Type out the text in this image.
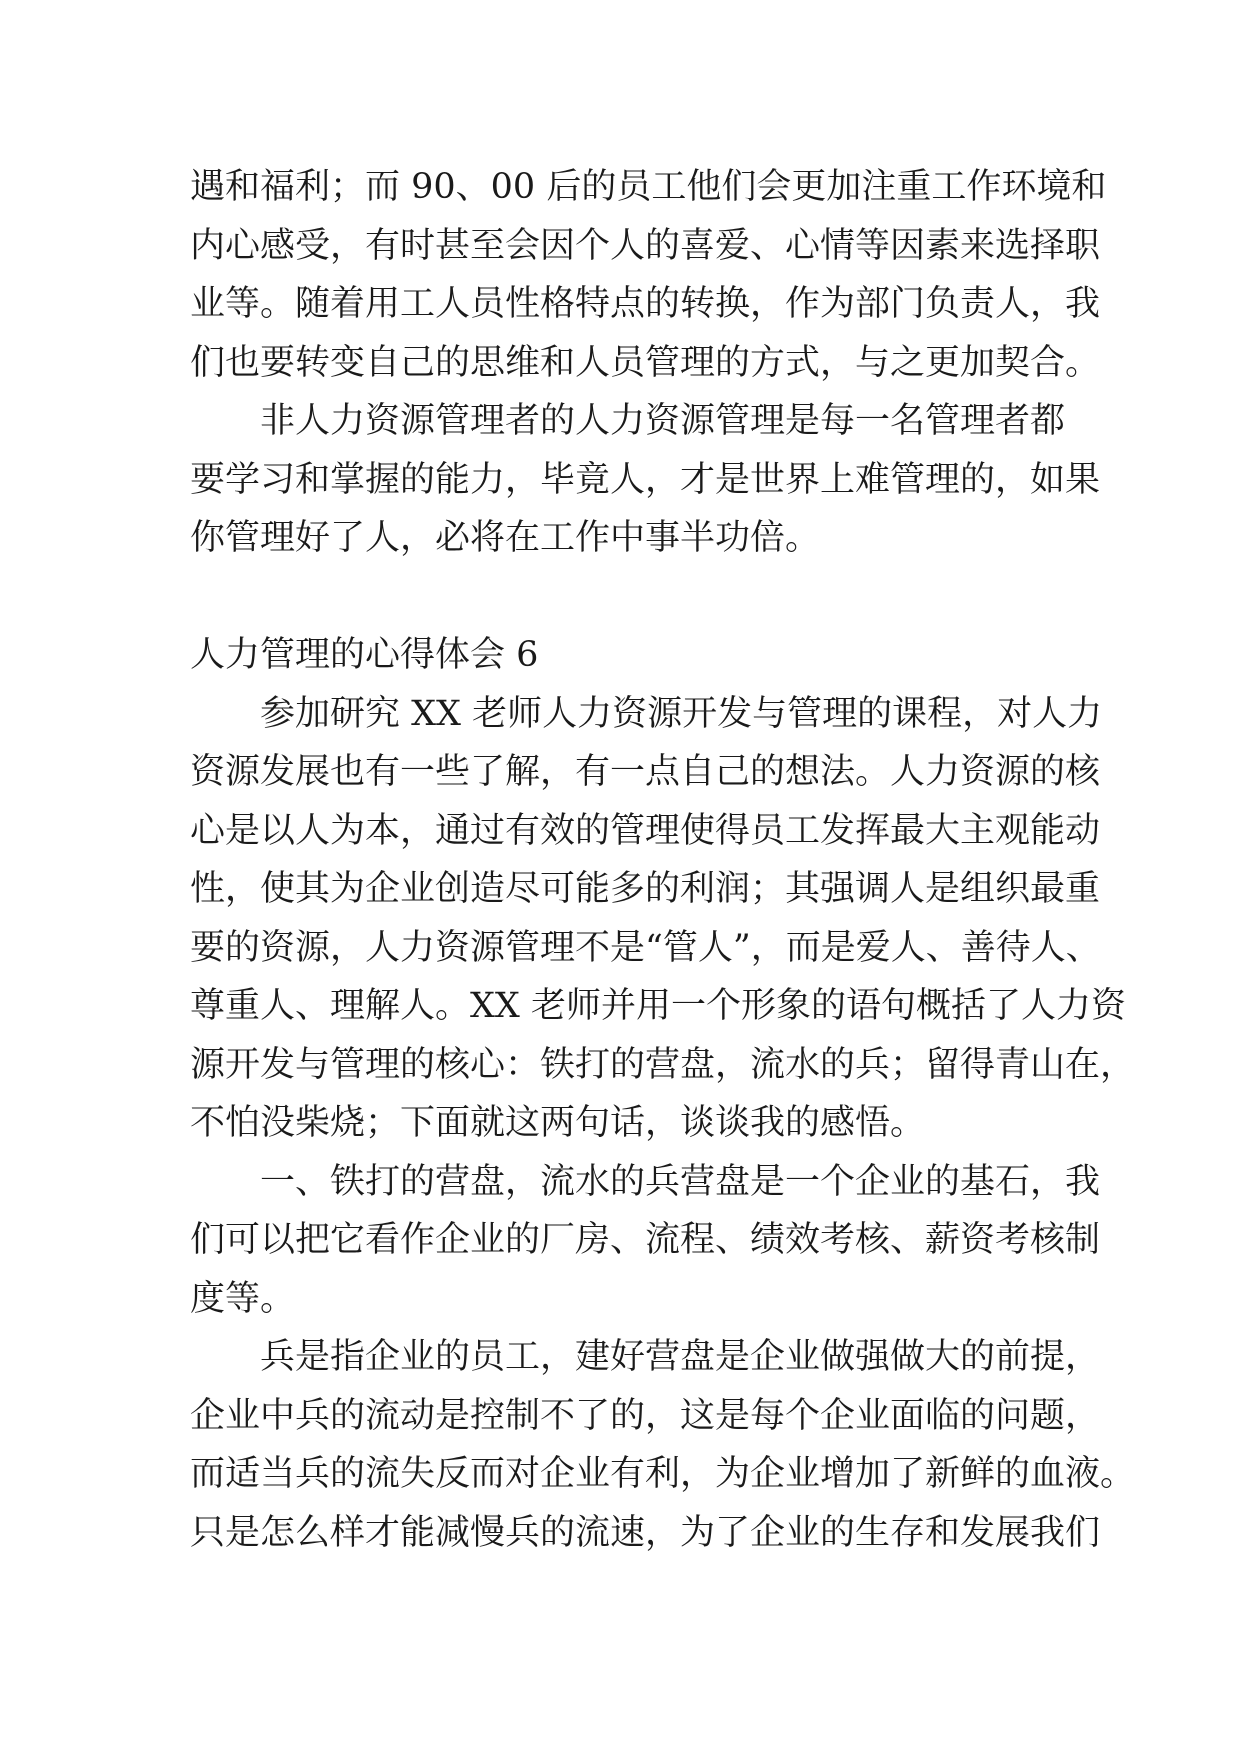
遇和福利；而 90、00 后的员工他们会更加注重工作环境和
内心感受，有时甚至会因个人的喜爱、心情等因素来选择职
业等。随着用工人员性格特点的转换，作为部门负责人，我
们也要转变自己的思维和人员管理的方式，与之更加契合。
非人力资源管理者的人力资源管理是每一名管理者都
要学习和掌握的能力，毕竟人，才是世界上难管理的，如果
你管理好了人，必将在工作中事半功倍。
人力管理的心得体会 6
参加研究 XX 老师人力资源开发与管理的课程，对人力
资源发展也有一些了解，有一点自己的想法。人力资源的核
心是以人为本，通过有效的管理使得员工发挥最大主观能动
性，使其为企业创造尽可能多的利润；其强调人是组织最重
要的资源，人力资源管理不是“管人”，而是爱人、善待人、
尊重人、理解人。XX 老师并用一个形象的语句概括了人力资
源开发与管理的核心：铁打的营盘，流水的兵；留得青山在，
不怕没柴烧；下面就这两句话，谈谈我的感悟。
一、铁打的营盘，流水的兵营盘是一个企业的基石，我
们可以把它看作企业的厂房、流程、绩效考核、薪资考核制
度等。
兵是指企业的员工，建好营盘是企业做强做大的前提，
企业中兵的流动是控制不了的，这是每个企业面临的问题，
而适当兵的流失反而对企业有利，为企业增加了新鲜的血液。
只是怎么样才能减慢兵的流速，为了企业的生存和发展我们
